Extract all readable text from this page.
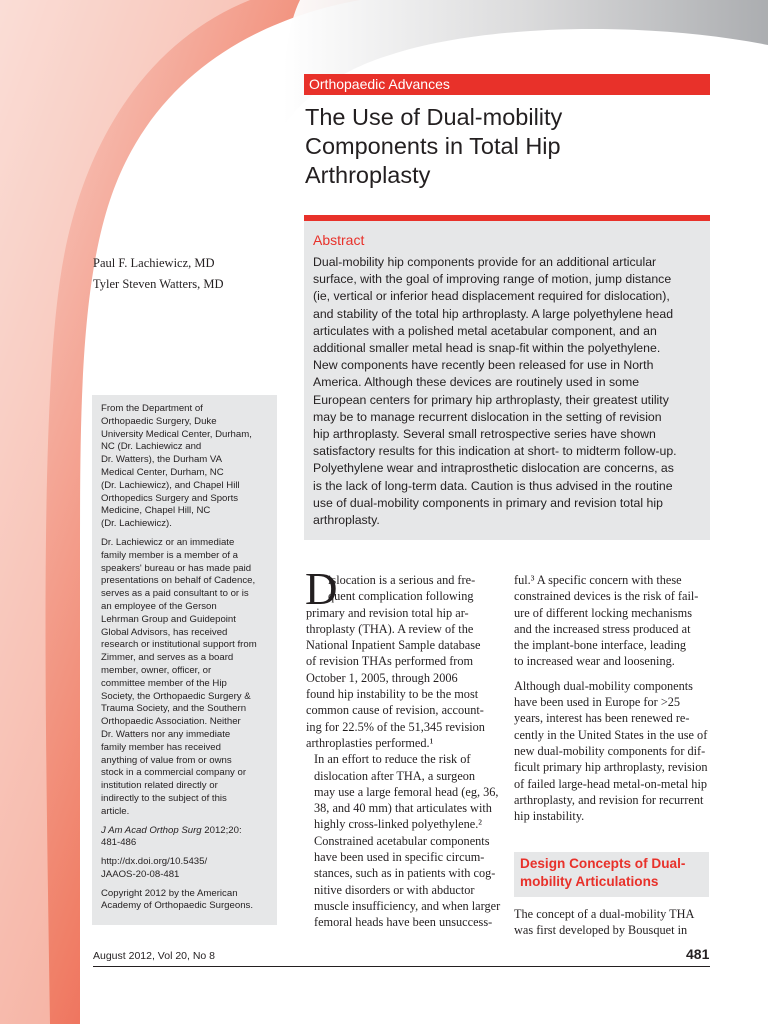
Orthopaedic Advances
The Use of Dual-mobility
Components in Total Hip
Arthroplasty
Abstract
Dual-mobility hip components provide for an additional articular
surface, with the goal of improving range of motion, jump distance
(ie, vertical or inferior head displacement required for dislocation),
and stability of the total hip arthroplasty. A large polyethylene head
articulates with a polished metal acetabular component, and an
additional smaller metal head is snap-fit within the polyethylene.
New components have recently been released for use in North
America. Although these devices are routinely used in some
European centers for primary hip arthroplasty, their greatest utility
may be to manage recurrent dislocation in the setting of revision
hip arthroplasty. Several small retrospective series have shown
satisfactory results for this indication at short- to midterm follow-up.
Polyethylene wear and intraprosthetic dislocation are concerns, as
is the lack of long-term data. Caution is thus advised in the routine
use of dual-mobility components in primary and revision total hip
arthroplasty.
Paul F. Lachiewicz, MD
Tyler Steven Watters, MD
From the Department of
Orthopaedic Surgery, Duke
University Medical Center, Durham,
NC (Dr. Lachiewicz and
Dr. Watters), the Durham VA
Medical Center, Durham, NC
(Dr. Lachiewicz), and Chapel Hill
Orthopedics Surgery and Sports
Medicine, Chapel Hill, NC
(Dr. Lachiewicz).
Dr. Lachiewicz or an immediate
family member is a member of a
speakers' bureau or has made paid
presentations on behalf of Cadence,
serves as a paid consultant to or is
an employee of the Gerson
Lehrman Group and Guidepoint
Global Advisors, has received
research or institutional support from
Zimmer, and serves as a board
member, owner, officer, or
committee member of the Hip
Society, the Orthopaedic Surgery &
Trauma Society, and the Southern
Orthopaedic Association. Neither
Dr. Watters nor any immediate
family member has received
anything of value from or owns
stock in a commercial company or
institution related directly or
indirectly to the subject of this
article.
J Am Acad Orthop Surg 2012;20:
481-486
http://dx.doi.org/10.5435/
JAAOS-20-08-481
Copyright 2012 by the American
Academy of Orthopaedic Surgeons.
D
islocation is a serious and fre-
quent complication following
primary and revision total hip ar-
throplasty (THA). A review of the
National Inpatient Sample database
of revision THAs performed from
October 1, 2005, through 2006
found hip instability to be the most
common cause of revision, account-
ing for 22.5% of the 51,345 revision
arthroplasties performed.¹
In an effort to reduce the risk of
dislocation after THA, a surgeon
may use a large femoral head (eg, 36,
38, and 40 mm) that articulates with
highly cross-linked polyethylene.²
Constrained acetabular components
have been used in specific circum-
stances, such as in patients with cog-
nitive disorders or with abductor
muscle insufficiency, and when larger
femoral heads have been unsuccess-
ful.³ A specific concern with these
constrained devices is the risk of fail-
ure of different locking mechanisms
and the increased stress produced at
the implant-bone interface, leading
to increased wear and loosening.
Although dual-mobility components
have been used in Europe for >25
years, interest has been renewed re-
cently in the United States in the use of
new dual-mobility components for dif-
ficult primary hip arthroplasty, revision
of failed large-head metal-on-metal hip
arthroplasty, and revision for recurrent
hip instability.
Design Concepts of Dual-
mobility Articulations
The concept of a dual-mobility THA
was first developed by Bousquet in
August 2012, Vol 20, No 8	481
